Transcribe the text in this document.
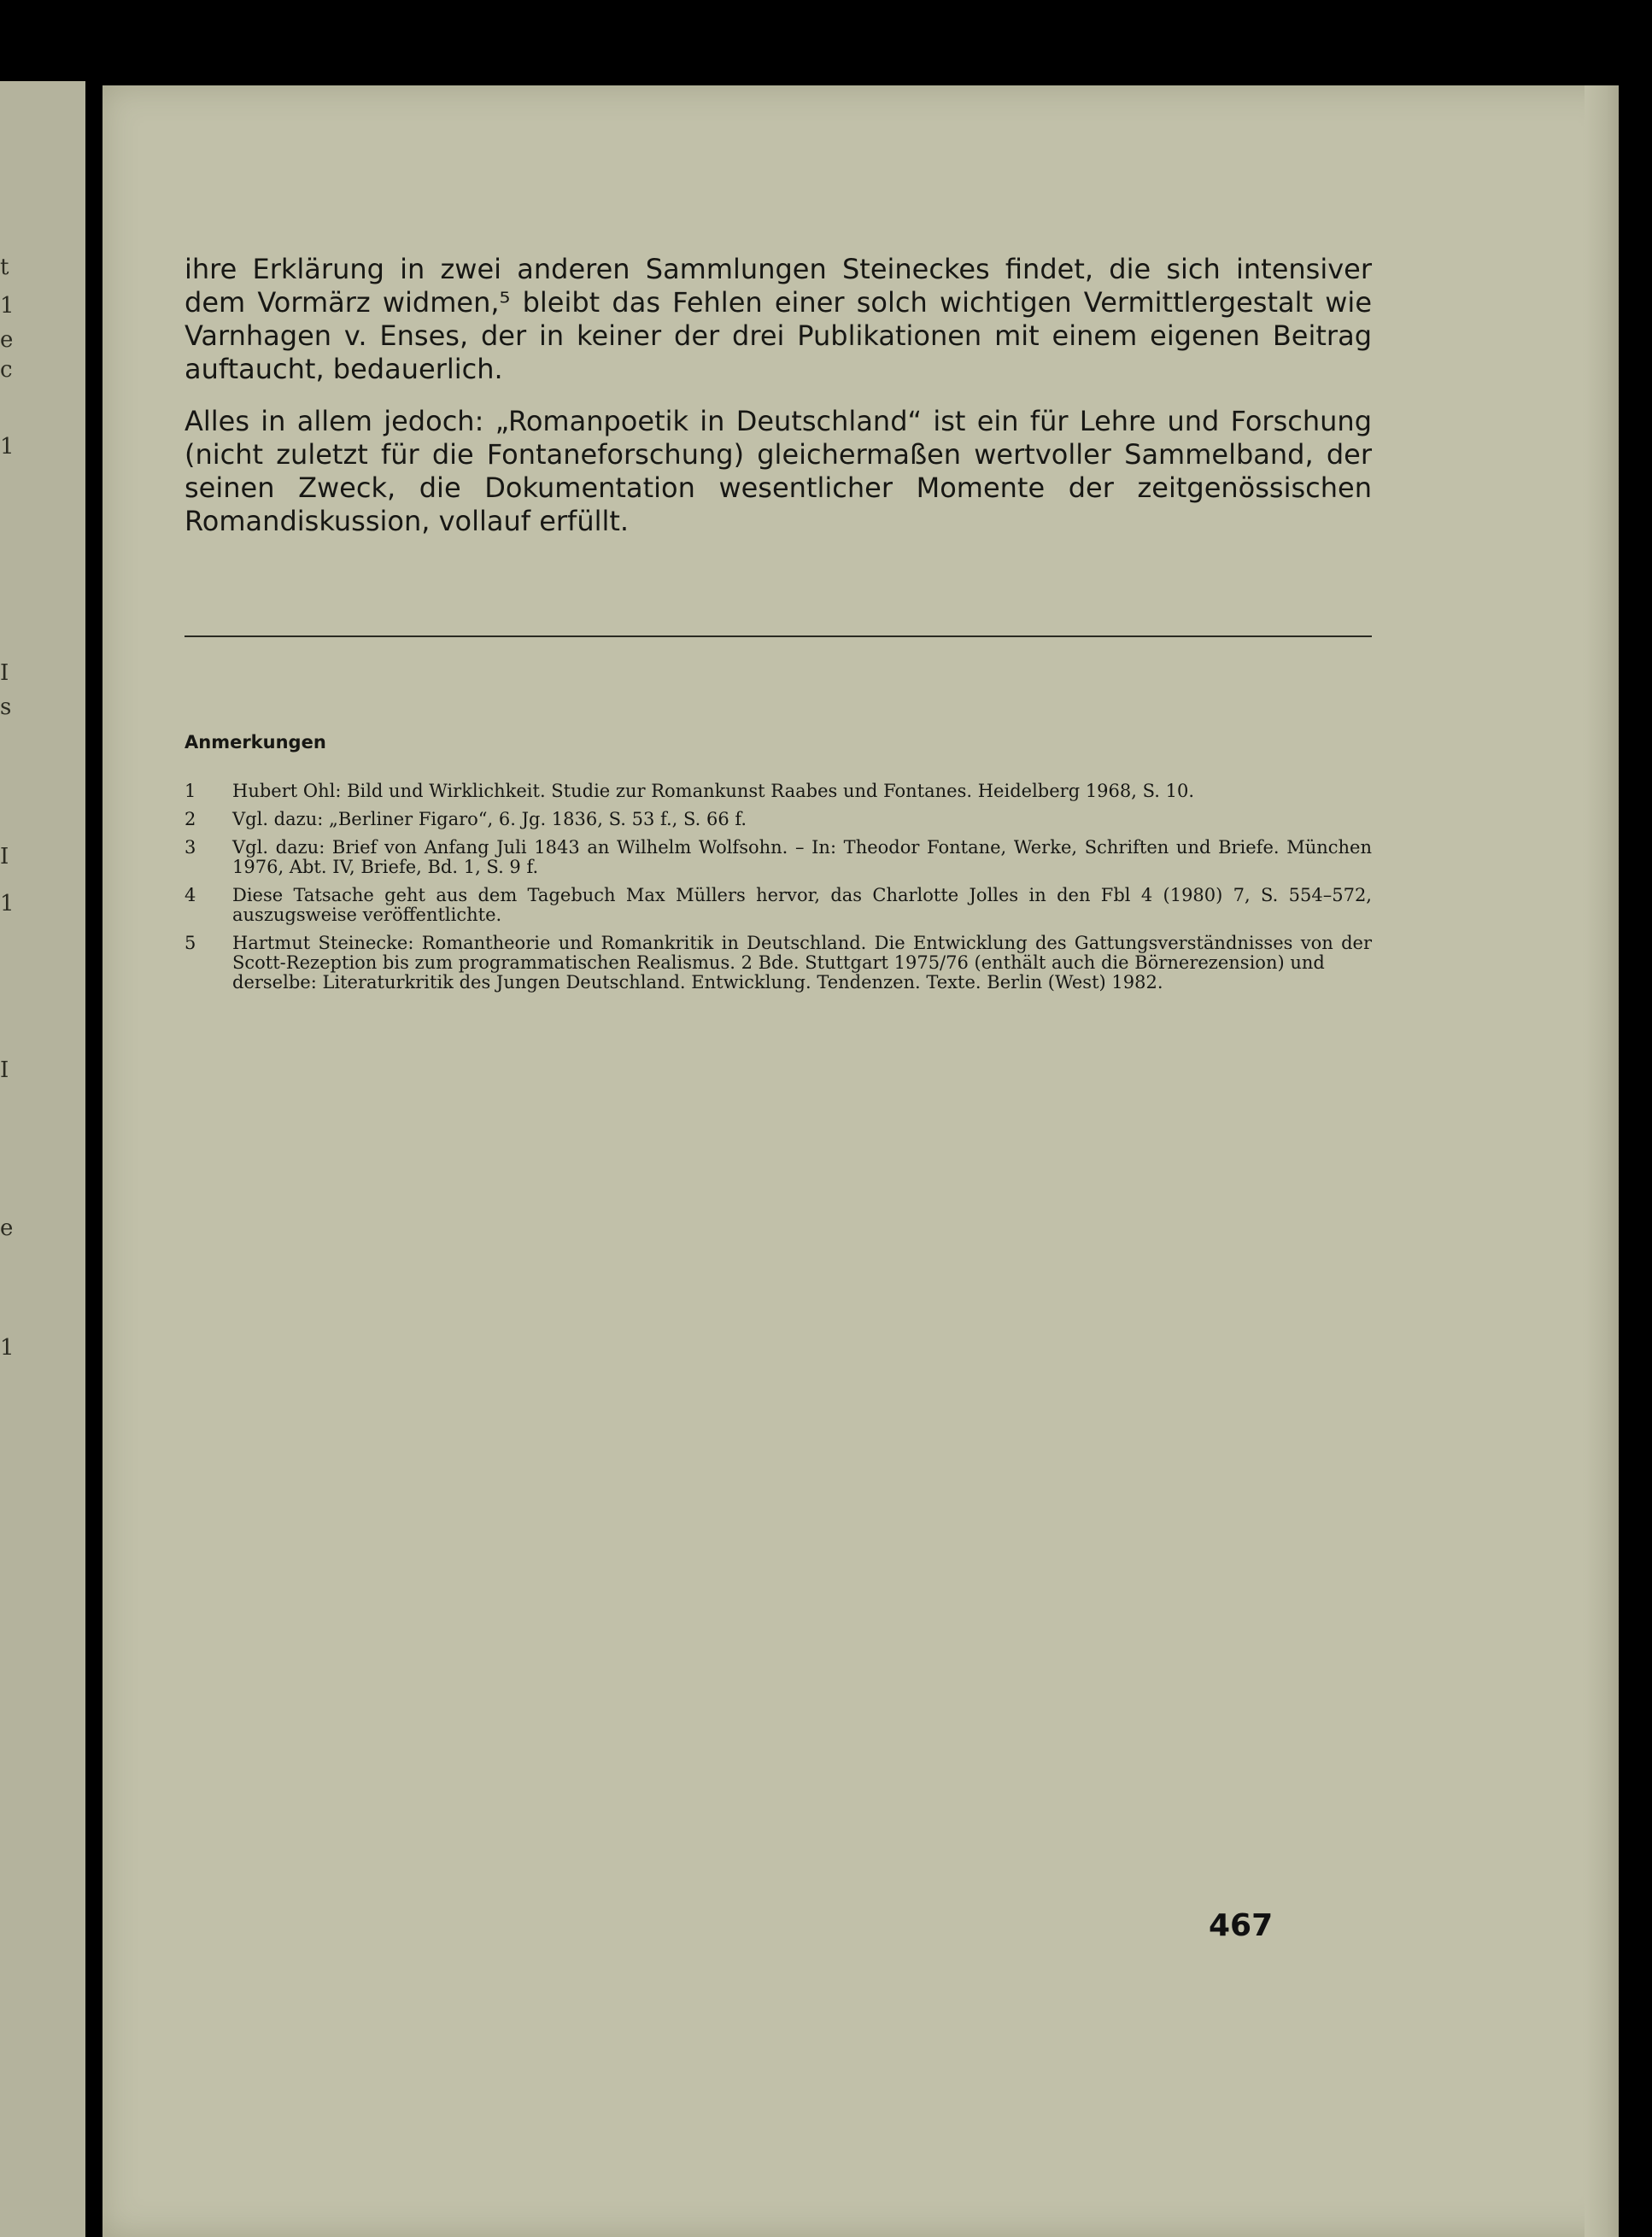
t
1
e
c
1
I
s
I
1
I
e
1

ihre Erklärung in zwei anderen Sammlungen Steineckes findet, die sich intensiver dem Vormärz widmen,⁵ bleibt das Fehlen einer solch wichtigen Vermittlergestalt wie Varnhagen v. Enses, der in keiner der drei Publikationen mit einem eigenen Beitrag auftaucht, bedauerlich.

Alles in allem jedoch: „Romanpoetik in Deutschland“ ist ein für Lehre und Forschung (nicht zuletzt für die Fontaneforschung) gleichermaßen wertvoller Sammelband, der seinen Zweck, die Dokumentation wesentlicher Momente der zeitgenössischen Romandiskussion, vollauf erfüllt.

Anmerkungen
1 Hubert Ohl: Bild und Wirklichkeit. Studie zur Romankunst Raabes und Fontanes. Heidelberg 1968, S. 10.
2 Vgl. dazu: „Berliner Figaro“, 6. Jg. 1836, S. 53 f., S. 66 f.
3 Vgl. dazu: Brief von Anfang Juli 1843 an Wilhelm Wolfsohn. – In: Theodor Fontane, Werke, Schriften und Briefe. München 1976, Abt. IV, Briefe, Bd. 1, S. 9 f.
4 Diese Tatsache geht aus dem Tagebuch Max Müllers hervor, das Charlotte Jolles in den Fbl 4 (1980) 7, S. 554–572, auszugsweise veröffentlichte.
5 Hartmut Steinecke: Romantheorie und Romankritik in Deutschland. Die Entwicklung des Gattungsverständnisses von der Scott-Rezeption bis zum programmatischen Realismus. 2 Bde. Stuttgart 1975/76 (enthält auch die Börnerezension) und
derselbe: Literaturkritik des Jungen Deutschland. Entwicklung. Tendenzen. Texte. Berlin (West) 1982.
467
